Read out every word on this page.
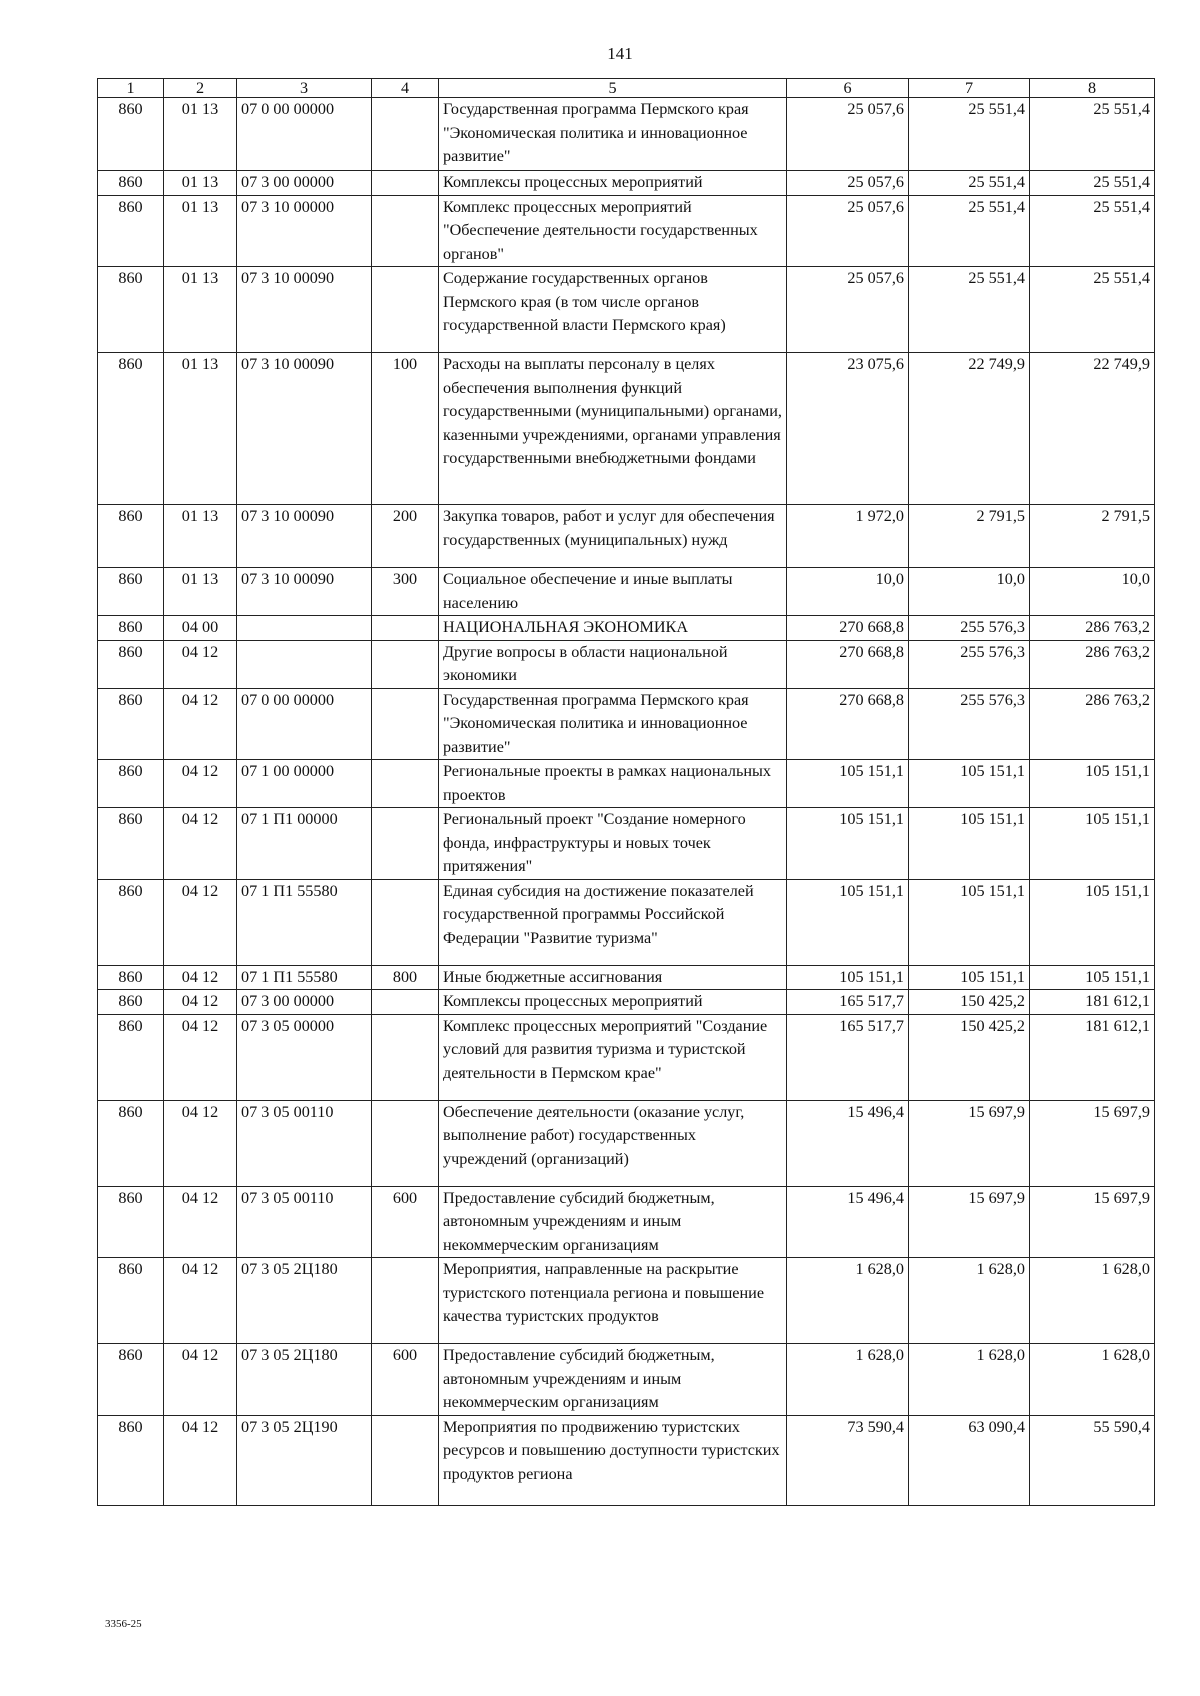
141
1	2	3	4	5	6	7	8
860	01 13	07 0 00 00000		Государственная программа Пермского края "Экономическая политика и инновационное развитие"	25 057,6	25 551,4	25 551,4
860	01 13	07 3 00 00000		Комплексы процессных мероприятий	25 057,6	25 551,4	25 551,4
860	01 13	07 3 10 00000		Комплекс процессных мероприятий "Обеспечение деятельности государственных органов"	25 057,6	25 551,4	25 551,4
860	01 13	07 3 10 00090		Содержание государственных органов Пермского края (в том числе органов государственной власти Пермского края)	25 057,6	25 551,4	25 551,4
860	01 13	07 3 10 00090	100	Расходы на выплаты персоналу в целях обеспечения выполнения функций государственными (муниципальными) органами, казенными учреждениями, органами управления государственными внебюджетными фондами	23 075,6	22 749,9	22 749,9
860	01 13	07 3 10 00090	200	Закупка товаров, работ и услуг для обеспечения государственных (муниципальных) нужд	1 972,0	2 791,5	2 791,5
860	01 13	07 3 10 00090	300	Социальное обеспечение и иные выплаты населению	10,0	10,0	10,0
860	04 00			НАЦИОНАЛЬНАЯ ЭКОНОМИКА	270 668,8	255 576,3	286 763,2
860	04 12			Другие вопросы в области национальной экономики	270 668,8	255 576,3	286 763,2
860	04 12	07 0 00 00000		Государственная программа Пермского края "Экономическая политика и инновационное развитие"	270 668,8	255 576,3	286 763,2
860	04 12	07 1 00 00000		Региональные проекты в рамках национальных проектов	105 151,1	105 151,1	105 151,1
860	04 12	07 1 П1 00000		Региональный проект "Создание номерного фонда, инфраструктуры и новых точек притяжения"	105 151,1	105 151,1	105 151,1
860	04 12	07 1 П1 55580		Единая субсидия на достижение показателей государственной программы Российской Федерации "Развитие туризма"	105 151,1	105 151,1	105 151,1
860	04 12	07 1 П1 55580	800	Иные бюджетные ассигнования	105 151,1	105 151,1	105 151,1
860	04 12	07 3 00 00000		Комплексы процессных мероприятий	165 517,7	150 425,2	181 612,1
860	04 12	07 3 05 00000		Комплекс процессных мероприятий "Создание условий для развития туризма и туристской деятельности в Пермском крае"	165 517,7	150 425,2	181 612,1
860	04 12	07 3 05 00110		Обеспечение деятельности (оказание услуг, выполнение работ) государственных учреждений (организаций)	15 496,4	15 697,9	15 697,9
860	04 12	07 3 05 00110	600	Предоставление субсидий бюджетным, автономным учреждениям и иным некоммерческим организациям	15 496,4	15 697,9	15 697,9
860	04 12	07 3 05 2Ц180		Мероприятия, направленные на раскрытие туристского потенциала региона и повышение качества туристских продуктов	1 628,0	1 628,0	1 628,0
860	04 12	07 3 05 2Ц180	600	Предоставление субсидий бюджетным, автономным учреждениям и иным некоммерческим организациям	1 628,0	1 628,0	1 628,0
860	04 12	07 3 05 2Ц190		Мероприятия по продвижению туристских ресурсов и повышению доступности туристских продуктов региона	73 590,4	63 090,4	55 590,4
3356-25
